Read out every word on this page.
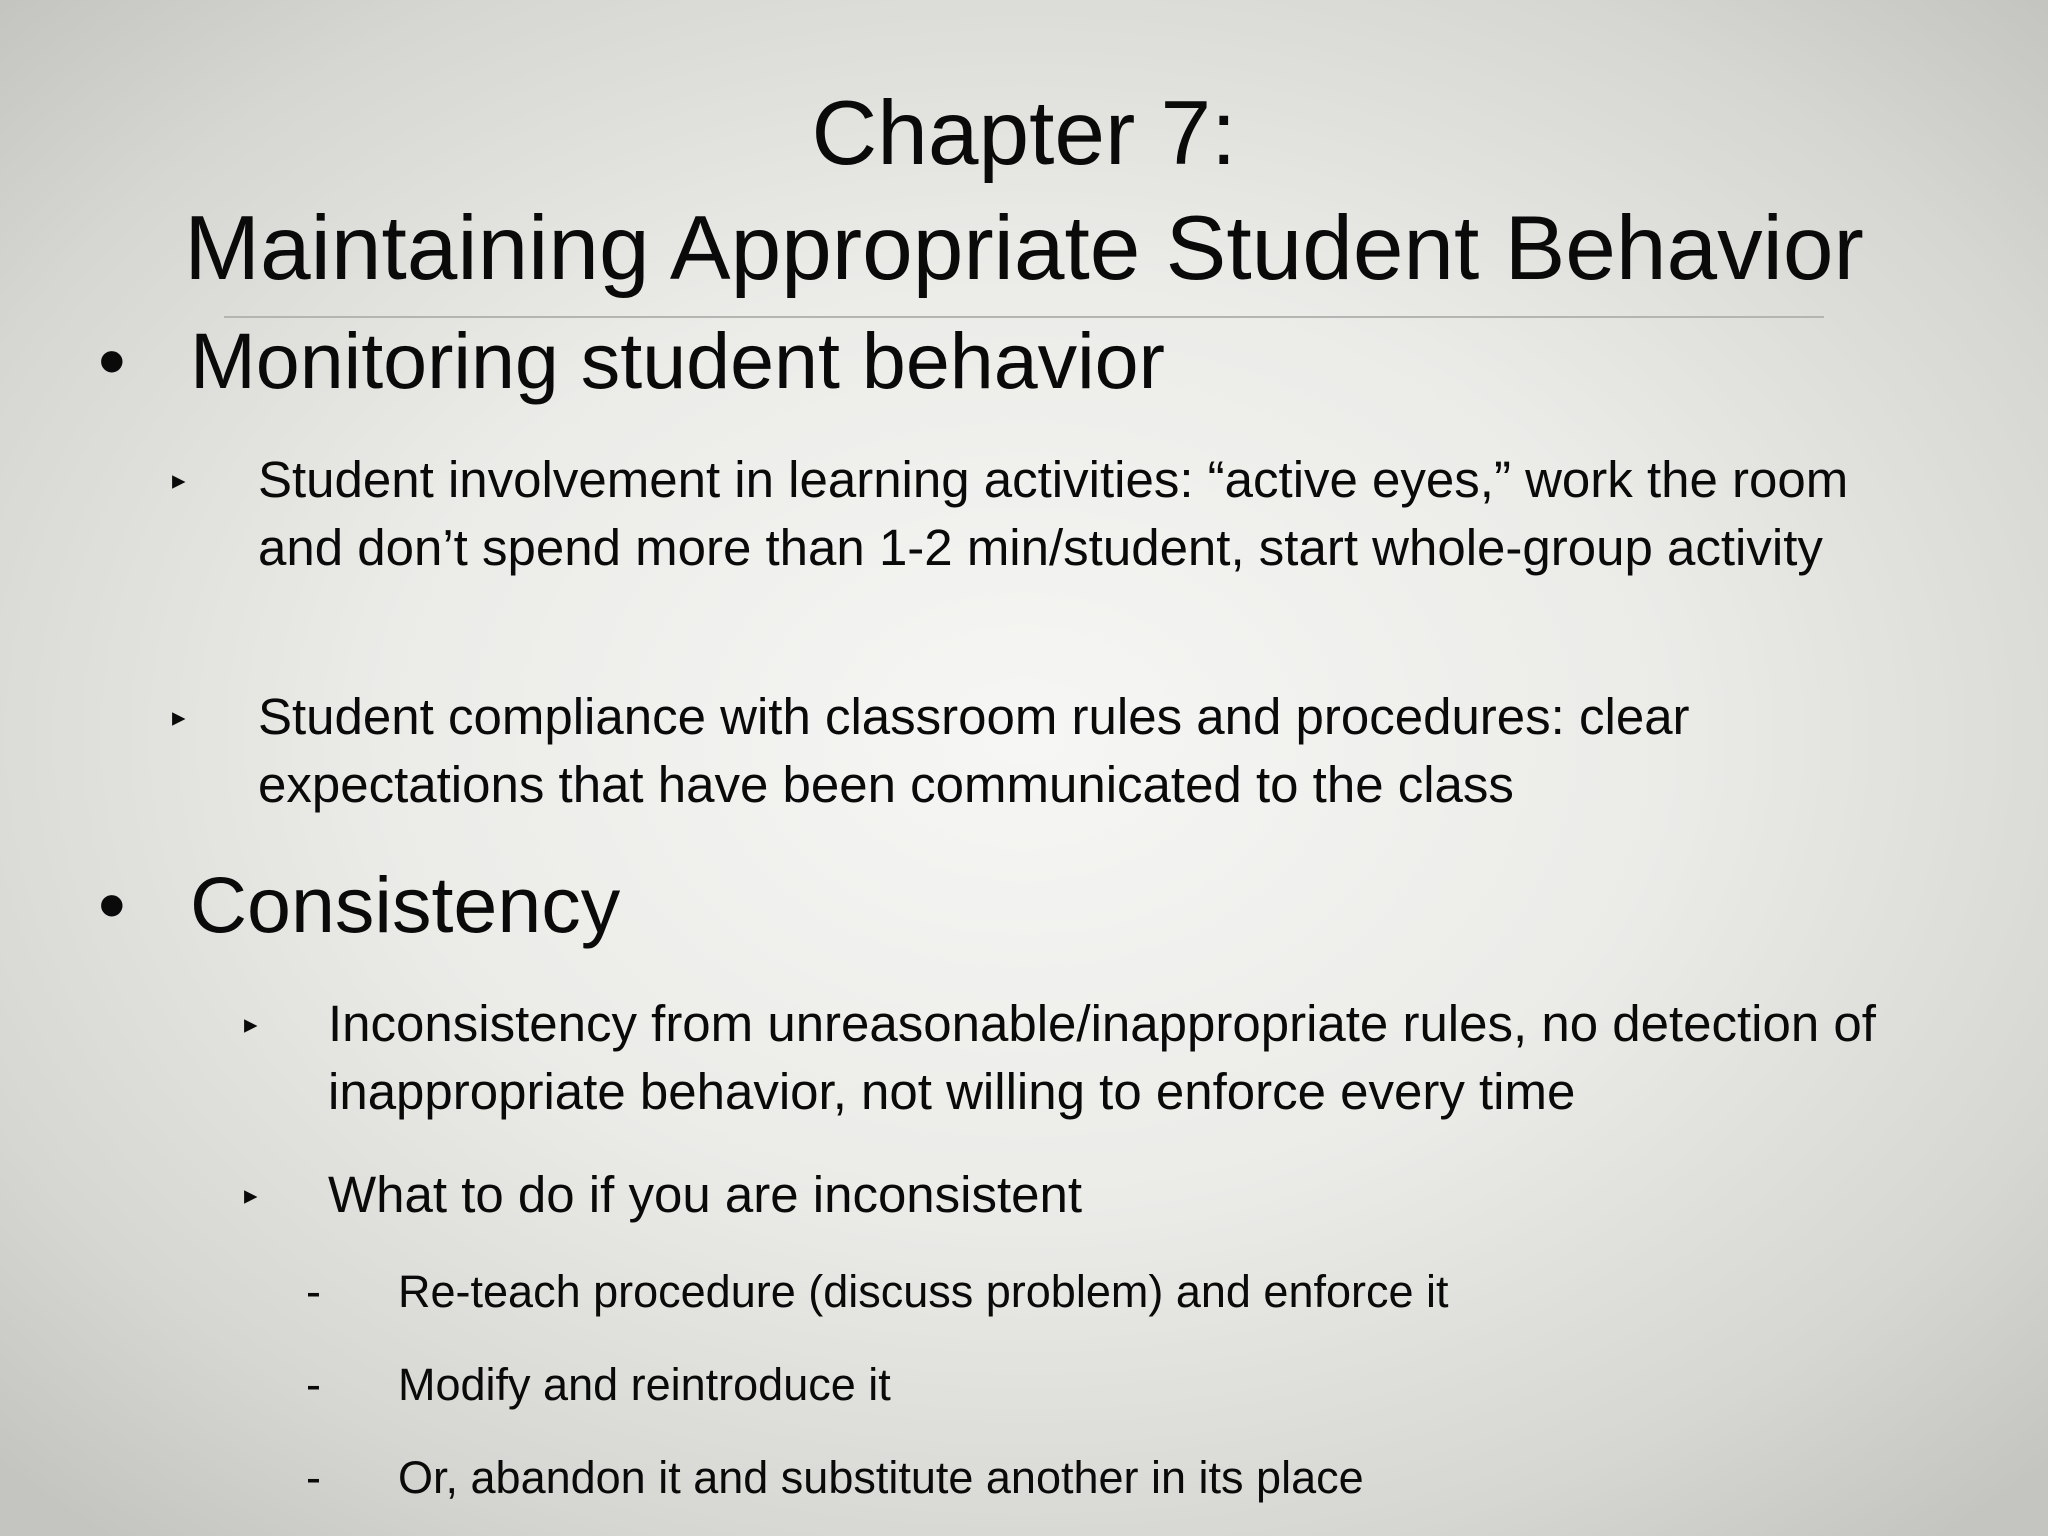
Chapter 7:
Maintaining Appropriate Student Behavior
• Monitoring student behavior
▸ Student involvement in learning activities: “active eyes,” work the room and don’t spend more than 1-2 min/student, start whole-group activity
▸ Student compliance with classroom rules and procedures: clear expectations that have been communicated to the class
• Consistency
▸ Inconsistency from unreasonable/inappropriate rules, no detection of inappropriate behavior, not willing to enforce every time
▸ What to do if you are inconsistent
- Re-teach procedure (discuss problem) and enforce it
- Modify and reintroduce it
- Or, abandon it and substitute another in its place
